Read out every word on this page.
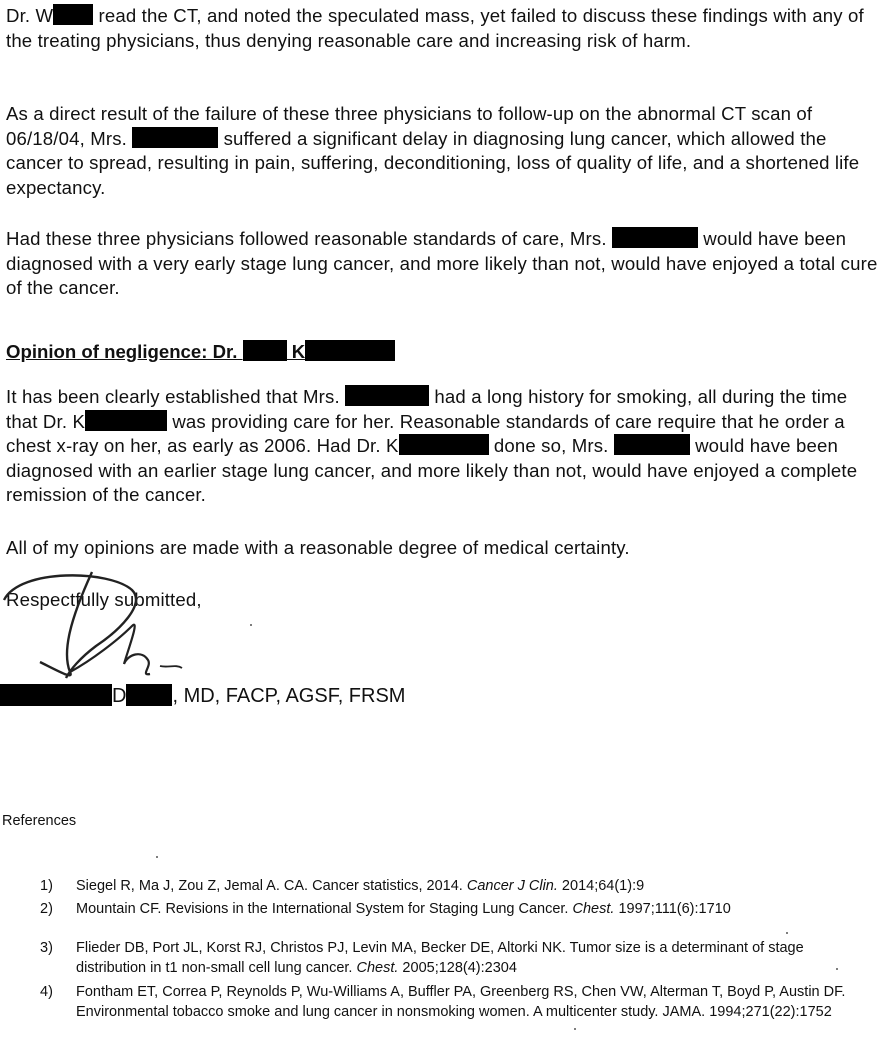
Dr. W read the CT, and noted the speculated mass, yet failed to discuss these findings with any of the treating physicians, thus denying reasonable care and increasing risk of harm.
As a direct result of the failure of these three physicians to follow-up on the abnormal CT scan of 06/18/04, Mrs.	suffered a significant delay in diagnosing lung cancer, which allowed the cancer to spread, resulting in pain, suffering, deconditioning, loss of quality of life, and a shortened life expectancy.
Had these three physicians followed reasonable standards of care, Mrs.	would have been diagnosed with a very early stage lung cancer, and more likely than not, would have enjoyed a total cure of the cancer.
Opinion of negligence: Dr.  K
It has been clearly established that Mrs.	had a long history for smoking, all during the time that Dr. K	was providing care for her. Reasonable standards of care require that he order a chest x-ray on her, as early as 2006. Had Dr. K	done so, Mrs.	would have been diagnosed with an earlier stage lung cancer, and more likely than not, would have enjoyed a complete remission of the cancer.
All of my opinions are made with a reasonable degree of medical certainty.
Respectfully submitted,
D , MD, FACP, AGSF, FRSM
References
1)	Siegel R, Ma J, Zou Z, Jemal A. CA. Cancer statistics, 2014. Cancer J Clin. 2014;64(1):9
2)	Mountain CF. Revisions in the International System for Staging Lung Cancer. Chest. 1997;111(6):1710
3)	Flieder DB, Port JL, Korst RJ, Christos PJ, Levin MA, Becker DE, Altorki NK. Tumor size is a determinant of stage distribution in t1 non-small cell lung cancer. Chest. 2005;128(4):2304
4)	Fontham ET, Correa P, Reynolds P, Wu-Williams A, Buffler PA, Greenberg RS, Chen VW, Alterman T, Boyd P, Austin DF. Environmental tobacco smoke and lung cancer in nonsmoking women. A multicenter study. JAMA. 1994;271(22):1752
